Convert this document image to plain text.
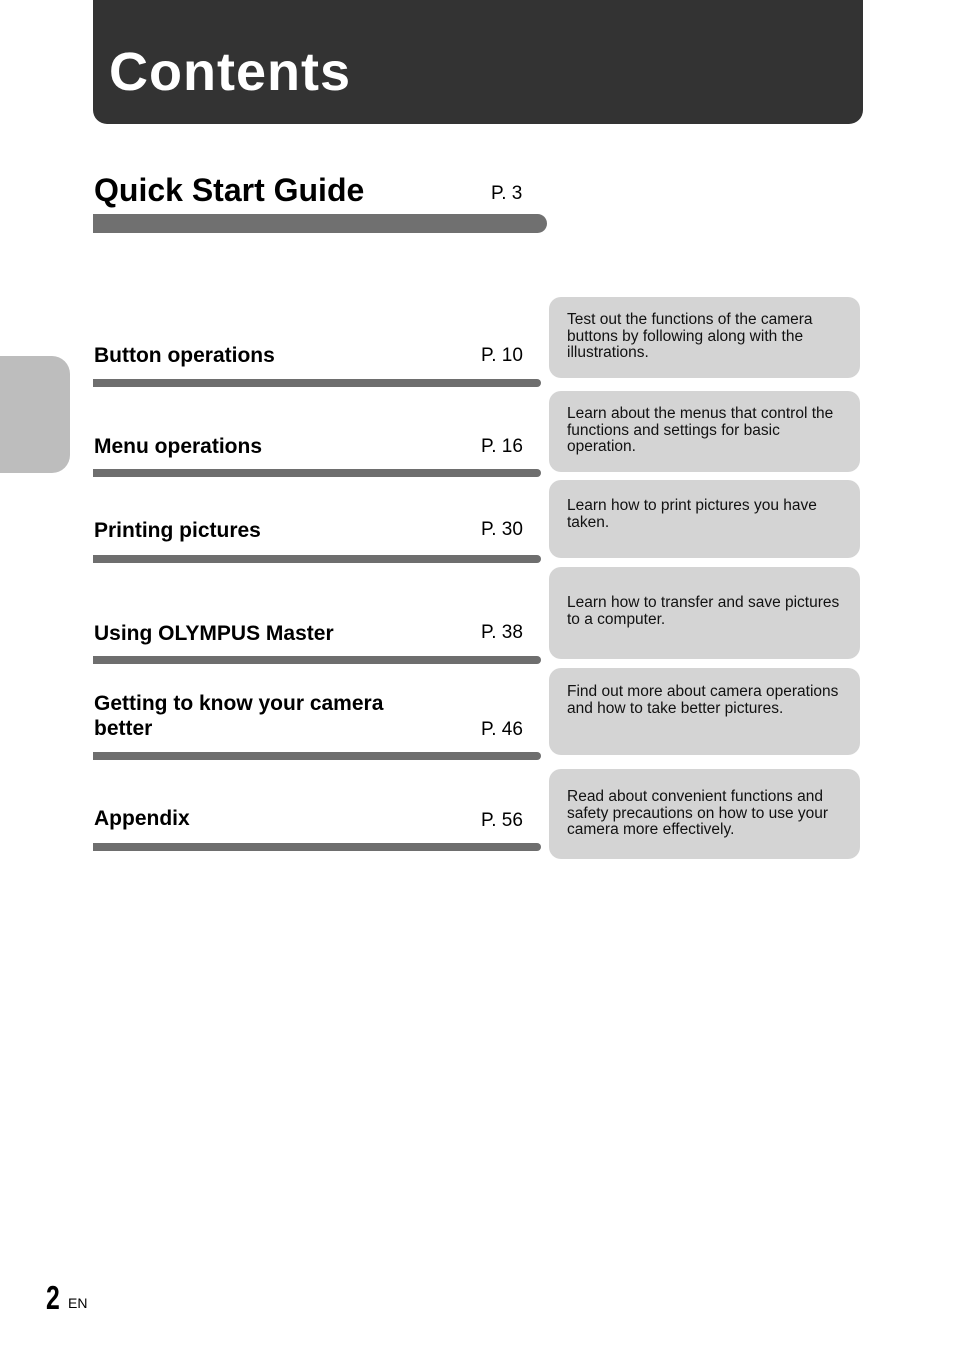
Contents
Quick Start Guide	P. 3
Button operations	P. 10
Test out the functions of the camera buttons by following along with the illustrations.
Menu operations	P. 16
Learn about the menus that control the functions and settings for basic operation.
Printing pictures	P. 30
Learn how to print pictures you have taken.
Using OLYMPUS Master	P. 38
Learn how to transfer and save pictures to a computer.
Getting to know your camera better	P. 46
Find out more about camera operations and how to take better pictures.
Appendix	P. 56
Read about convenient functions and safety precautions on how to use your camera more effectively.
2 EN
